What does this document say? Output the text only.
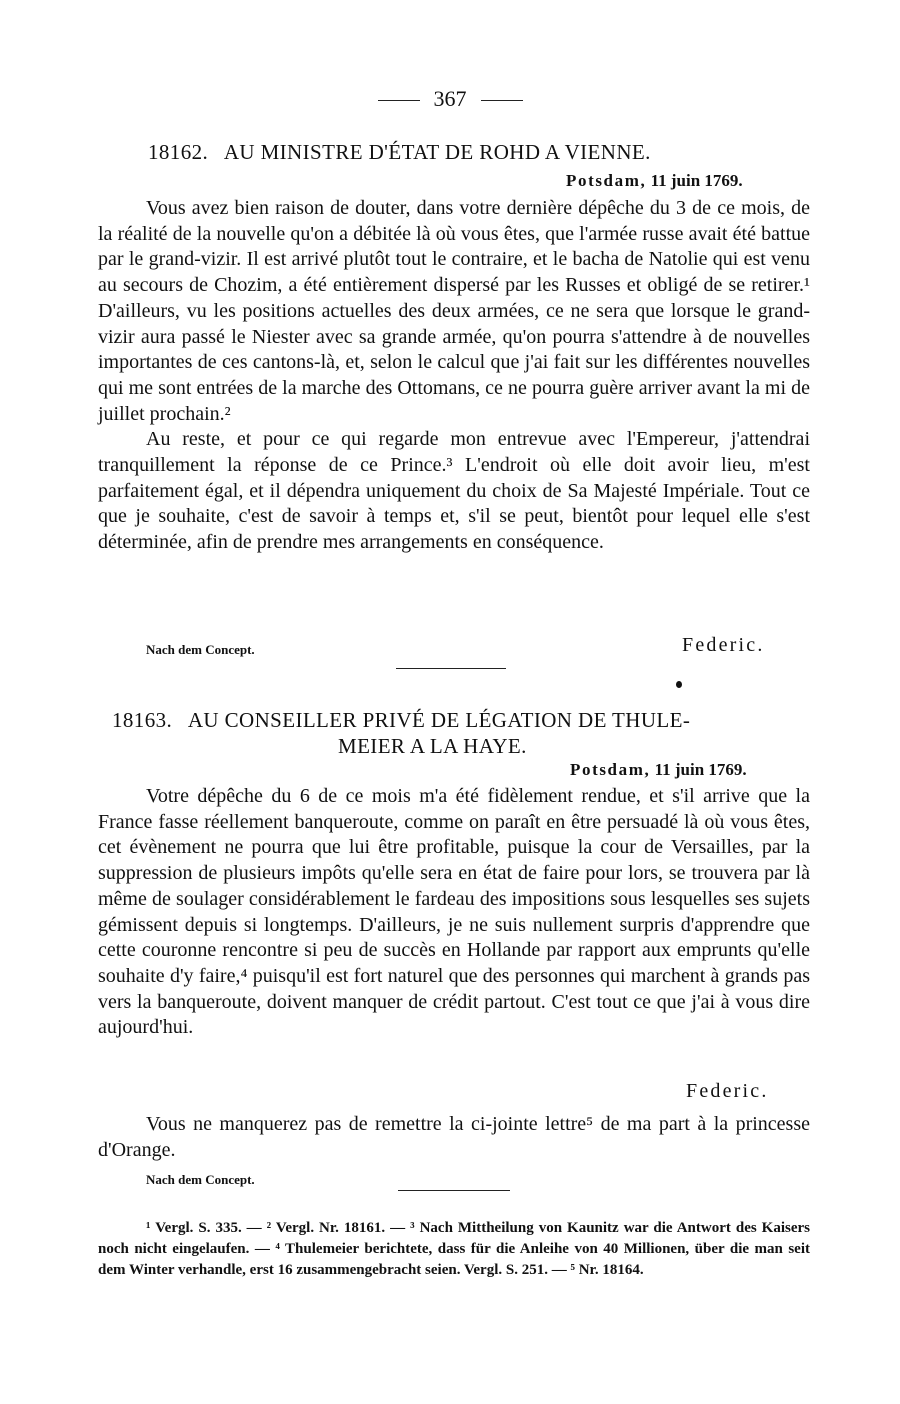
367
18162. AU MINISTRE D'ÉTAT DE ROHD A VIENNE.
Potsdam, 11 juin 1769.

Vous avez bien raison de douter, dans votre dernière dépêche du 3 de ce mois, de la réalité de la nouvelle qu'on a débitée là où vous êtes, que l'armée russe avait été battue par le grand-vizir. Il est arrivé plutôt tout le contraire, et le bacha de Natolie qui est venu au secours de Chozim, a été entièrement dispersé par les Russes et obligé de se retirer.¹ D'ailleurs, vu les positions actuelles des deux armées, ce ne sera que lorsque le grand-vizir aura passé le Niester avec sa grande armée, qu'on pourra s'attendre à de nouvelles importantes de ces cantons-là, et, selon le calcul que j'ai fait sur les différentes nouvelles qui me sont entrées de la marche des Ottomans, ce ne pourra guère arriver avant la mi de juillet prochain.²

Au reste, et pour ce qui regarde mon entrevue avec l'Empereur, j'attendrai tranquillement la réponse de ce Prince.³ L'endroit où elle doit avoir lieu, m'est parfaitement égal, et il dépendra uniquement du choix de Sa Majesté Impériale. Tout ce que je souhaite, c'est de savoir à temps et, s'il se peut, bientôt pour lequel elle s'est déterminée, afin de prendre mes arrangements en conséquence.

Nach dem Concept.	Federic.
18163. AU CONSEILLER PRIVÉ DE LÉGATION DE THULE-
MEIER A LA HAYE.
Potsdam, 11 juin 1769.

Votre dépêche du 6 de ce mois m'a été fidèlement rendue, et s'il arrive que la France fasse réellement banqueroute, comme on paraît en être persuadé là où vous êtes, cet évènement ne pourra que lui être profitable, puisque la cour de Versailles, par la suppression de plusieurs impôts qu'elle sera en état de faire pour lors, se trouvera par là même de soulager considérablement le fardeau des impositions sous lesquelles ses sujets gémissent depuis si longtemps. D'ailleurs, je ne suis nullement surpris d'apprendre que cette couronne rencontre si peu de succès en Hollande par rapport aux emprunts qu'elle souhaite d'y faire,⁴ puisqu'il est fort naturel que des personnes qui marchent à grands pas vers la banqueroute, doivent manquer de crédit partout. C'est tout ce que j'ai à vous dire aujourd'hui.

Federic.

Vous ne manquerez pas de remettre la ci-jointe lettre⁵ de ma part à la princesse d'Orange.

Nach dem Concept.

¹ Vergl. S. 335. — ² Vergl. Nr. 18161. — ³ Nach Mittheilung von Kaunitz war die Antwort des Kaisers noch nicht eingelaufen. — ⁴ Thulemeier berichtete, dass für die Anleihe von 40 Millionen, über die man seit dem Winter verhandle, erst 16 zusammengebracht seien. Vergl. S. 251. — ⁵ Nr. 18164.
